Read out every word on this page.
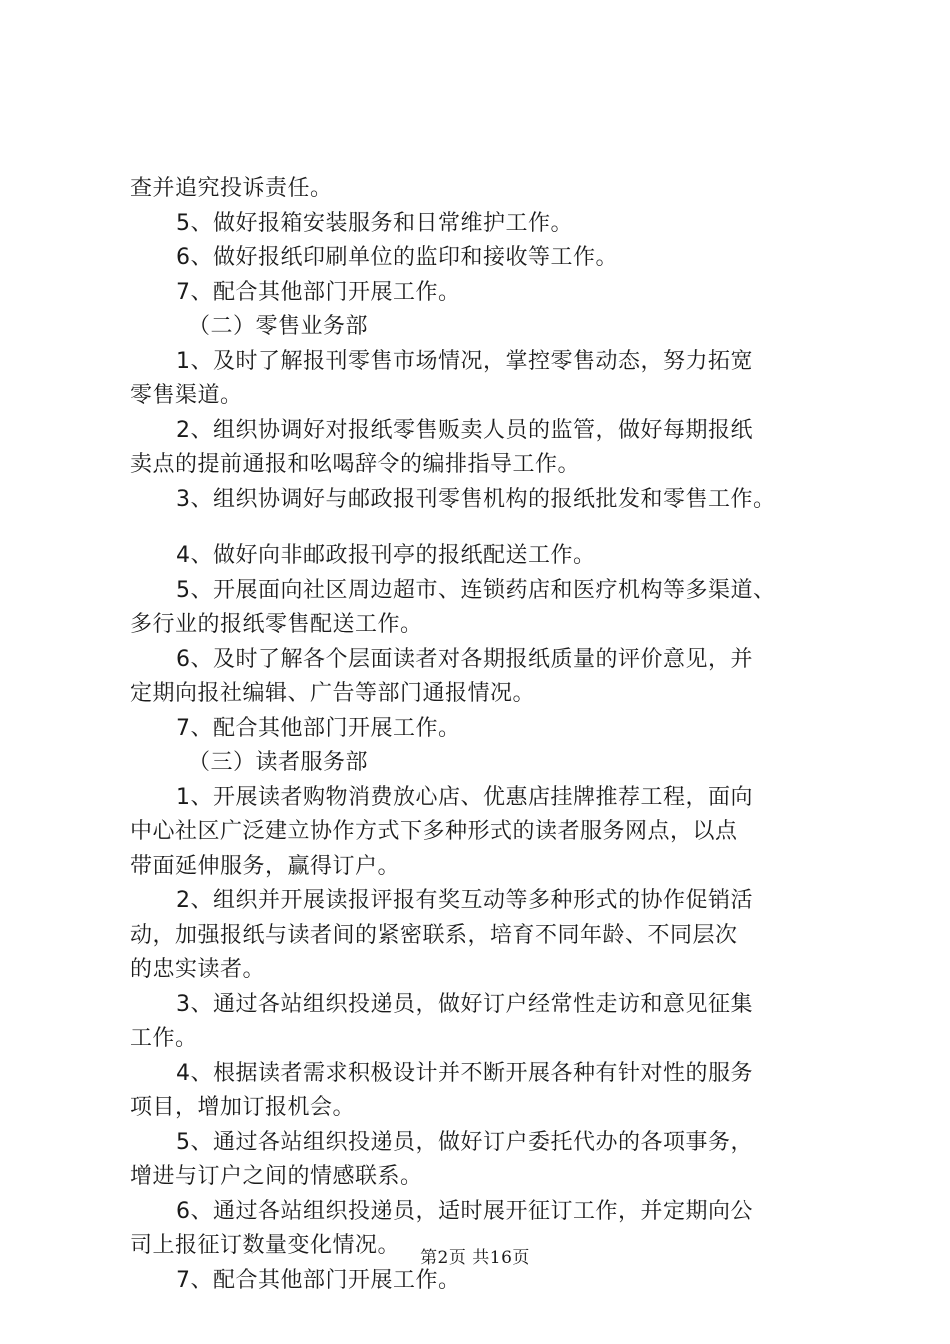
查并追究投诉责任。
5、做好报箱安装服务和日常维护工作。
6、做好报纸印刷单位的监印和接收等工作。
7、配合其他部门开展工作。
（二）零售业务部
1、及时了解报刊零售市场情况，掌控零售动态，努力拓宽
零售渠道。
2、组织协调好对报纸零售贩卖人员的监管，做好每期报纸
卖点的提前通报和吆喝辞令的编排指导工作。
3、组织协调好与邮政报刊零售机构的报纸批发和零售工作。
4、做好向非邮政报刊亭的报纸配送工作。
5、开展面向社区周边超市、连锁药店和医疗机构等多渠道、
多行业的报纸零售配送工作。
6、及时了解各个层面读者对各期报纸质量的评价意见，并
定期向报社编辑、广告等部门通报情况。
7、配合其他部门开展工作。
（三）读者服务部
1、开展读者购物消费放心店、优惠店挂牌推荐工程，面向
中心社区广泛建立协作方式下多种形式的读者服务网点，以点
带面延伸服务，赢得订户。
2、组织并开展读报评报有奖互动等多种形式的协作促销活
动，加强报纸与读者间的紧密联系，培育不同年龄、不同层次
的忠实读者。
3、通过各站组织投递员，做好订户经常性走访和意见征集
工作。
4、根据读者需求积极设计并不断开展各种有针对性的服务
项目，增加订报机会。
5、通过各站组织投递员，做好订户委托代办的各项事务，
增进与订户之间的情感联系。
6、通过各站组织投递员，适时展开征订工作，并定期向公
司上报征订数量变化情况。
7、配合其他部门开展工作。
第2页 共16页
